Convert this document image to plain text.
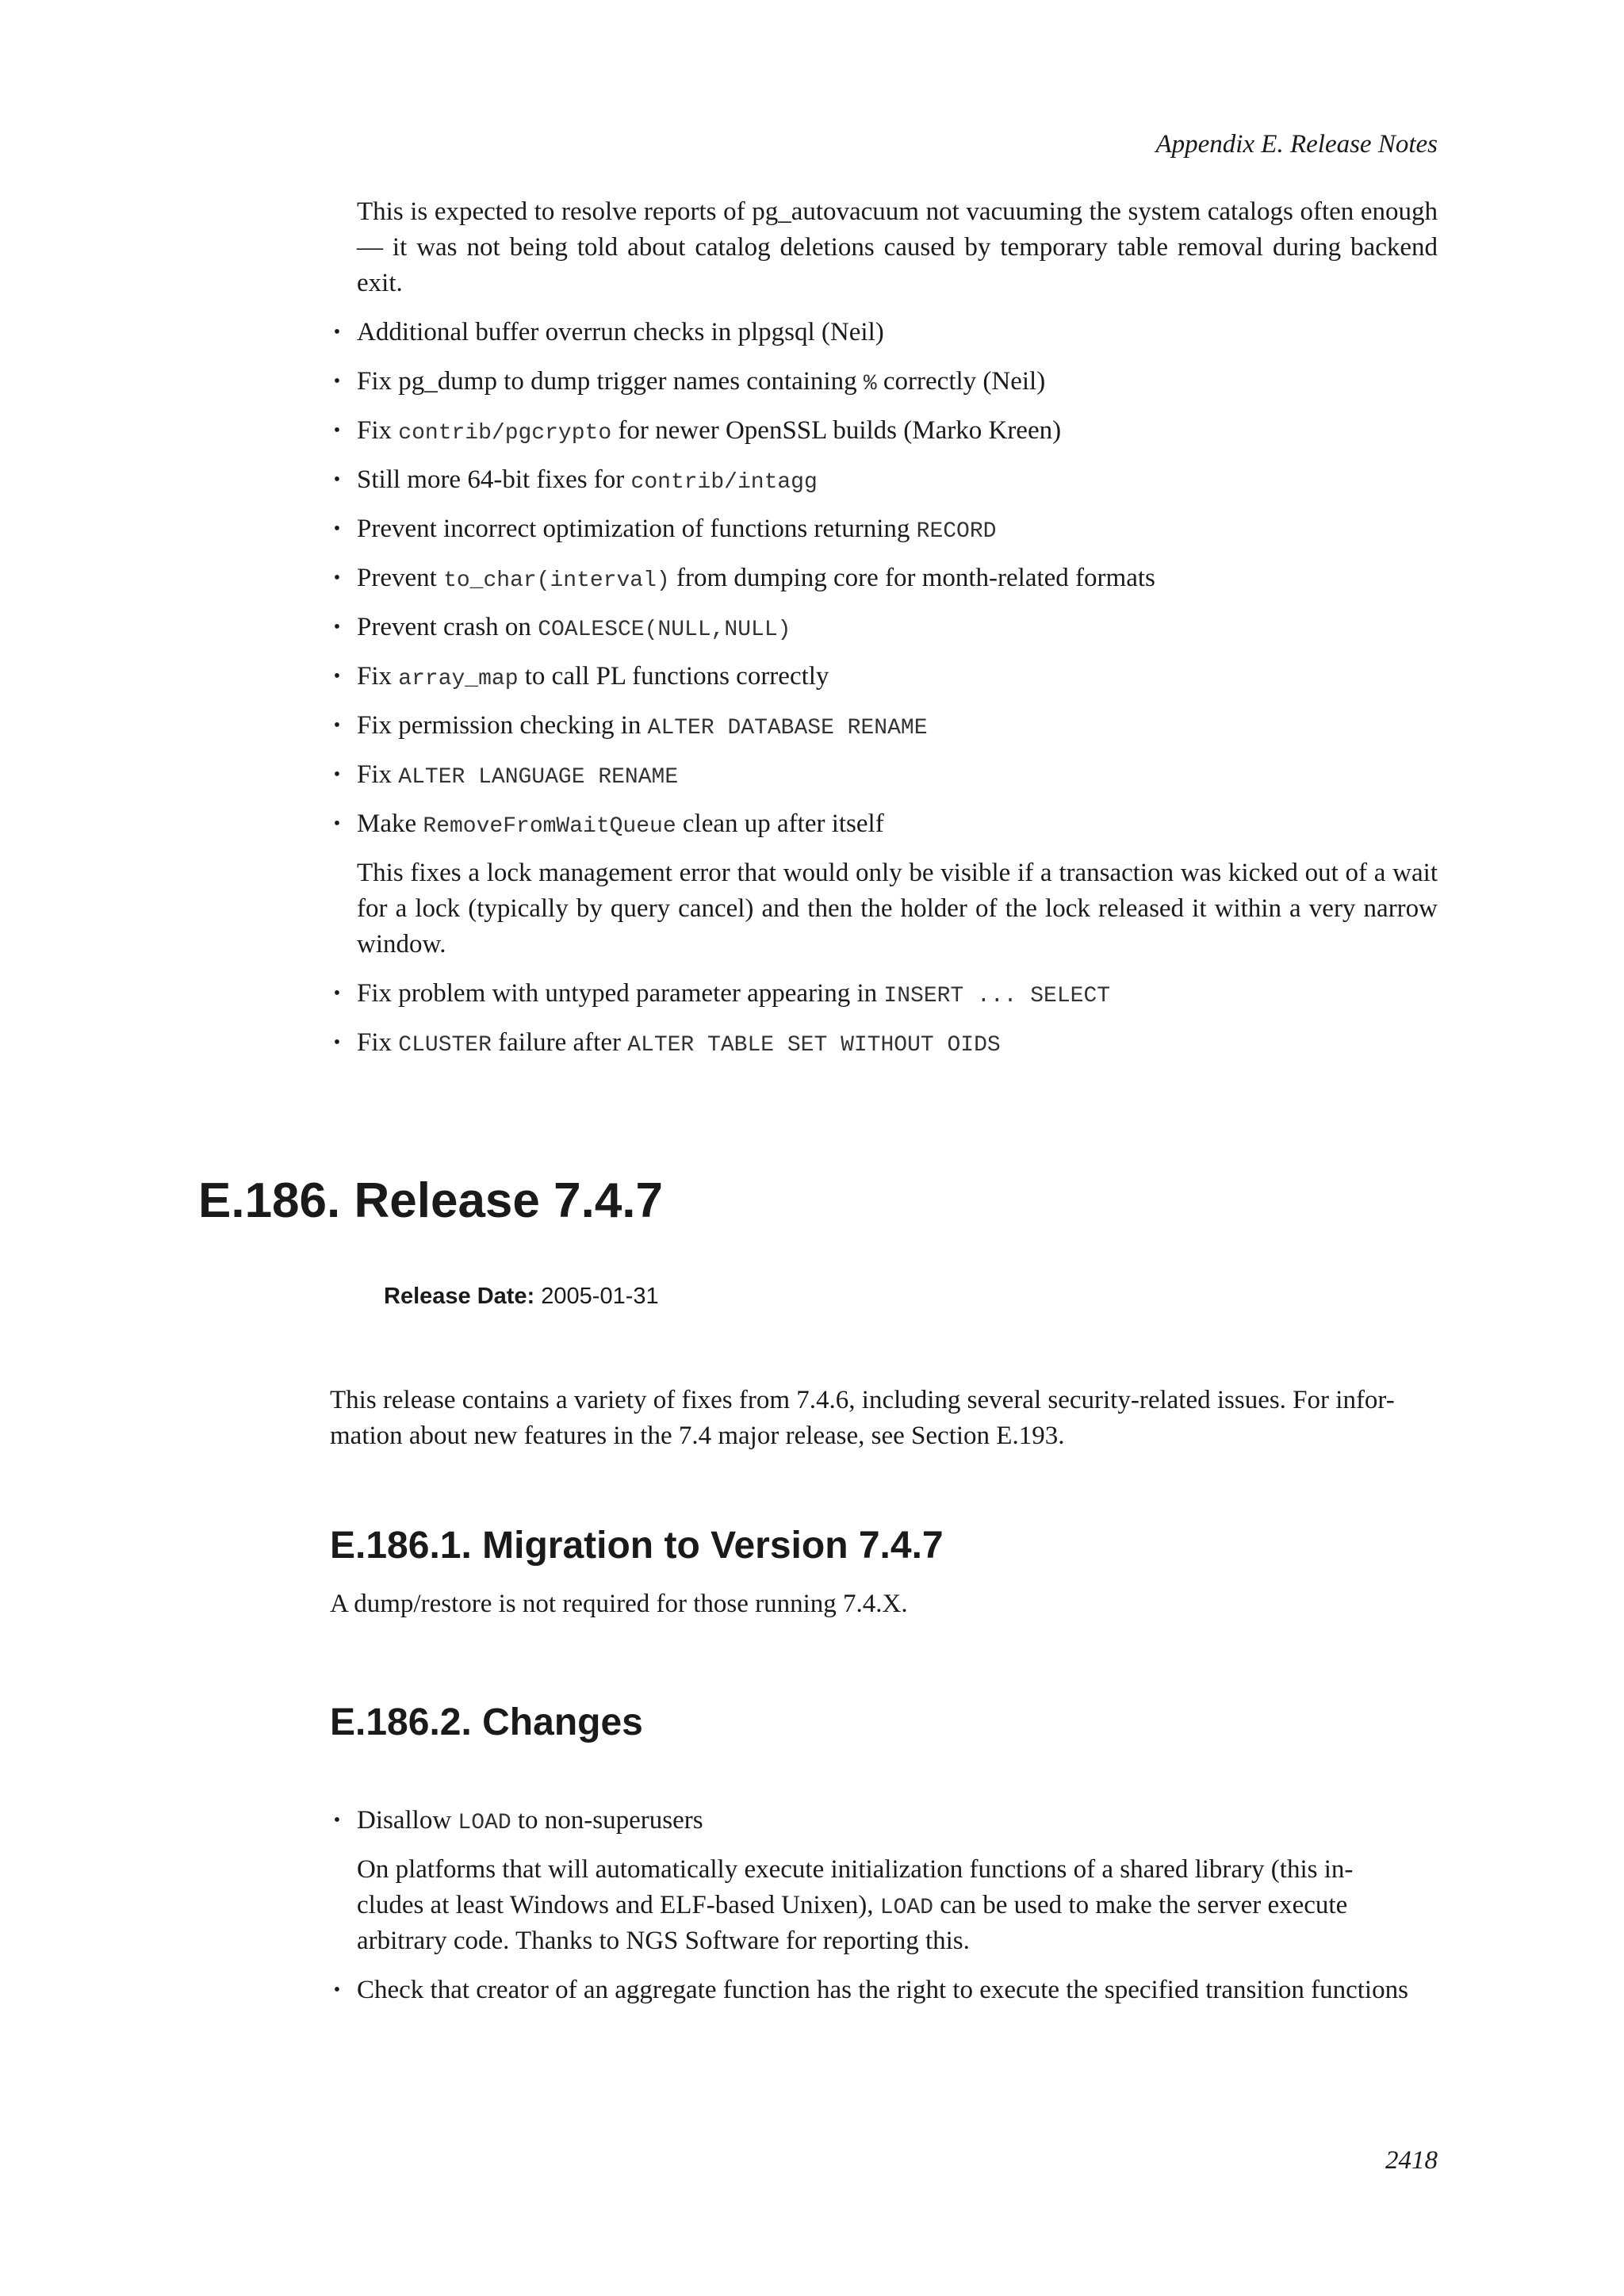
Appendix E. Release Notes
This is expected to resolve reports of pg_autovacuum not vacuuming the system catalogs often enough — it was not being told about catalog deletions caused by temporary table removal during backend exit.
• Additional buffer overrun checks in plpgsql (Neil)
• Fix pg_dump to dump trigger names containing % correctly (Neil)
• Fix contrib/pgcrypto for newer OpenSSL builds (Marko Kreen)
• Still more 64-bit fixes for contrib/intagg
• Prevent incorrect optimization of functions returning RECORD
• Prevent to_char(interval) from dumping core for month-related formats
• Prevent crash on COALESCE(NULL,NULL)
• Fix array_map to call PL functions correctly
• Fix permission checking in ALTER DATABASE RENAME
• Fix ALTER LANGUAGE RENAME
• Make RemoveFromWaitQueue clean up after itself
This fixes a lock management error that would only be visible if a transaction was kicked out of a wait for a lock (typically by query cancel) and then the holder of the lock released it within a very narrow window.
• Fix problem with untyped parameter appearing in INSERT ... SELECT
• Fix CLUSTER failure after ALTER TABLE SET WITHOUT OIDS
E.186. Release 7.4.7
Release Date: 2005-01-31
This release contains a variety of fixes from 7.4.6, including several security-related issues. For infor-
mation about new features in the 7.4 major release, see Section E.193.
E.186.1. Migration to Version 7.4.7
A dump/restore is not required for those running 7.4.X.
E.186.2. Changes
• Disallow LOAD to non-superusers
On platforms that will automatically execute initialization functions of a shared library (this in-
cludes at least Windows and ELF-based Unixen), LOAD can be used to make the server execute
arbitrary code. Thanks to NGS Software for reporting this.
• Check that creator of an aggregate function has the right to execute the specified transition functions
2418
